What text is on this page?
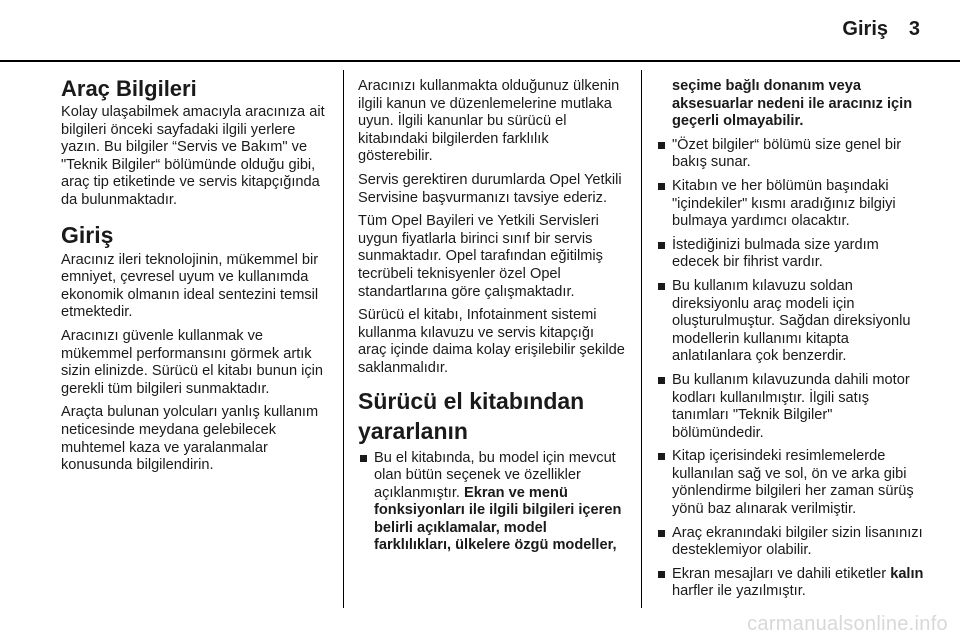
Giriş 3
Araç Bilgileri

Kolay ulaşabilmek amacıyla aracınıza ait bilgileri önceki sayfadaki ilgili yerlere yazın. Bu bilgiler “Servis ve Bakım" ve "Teknik Bilgiler“ bölümünde olduğu gibi, araç tip etiketinde ve servis kitapçığında da bulunmaktadır.

Giriş

Aracınız ileri teknolojinin, mükemmel bir emniyet, çevresel uyum ve kullanımda ekonomik olmanın ideal sentezini temsil etmektedir.

Aracınızı güvenle kullanmak ve mükemmel performansını görmek artık sizin elinizde. Sürücü el kitabı bunun için gerekli tüm bilgileri sunmaktadır.

Araçta bulunan yolcuları yanlış kullanım neticesinde meydana gelebilecek muhtemel kaza ve yaralanmalar konusunda bilgilendirin.

Aracınızı kullanmakta olduğunuz ülkenin ilgili kanun ve düzenlemelerine mutlaka uyun. İlgili kanunlar bu sürücü el kitabındaki bilgilerden farklılık gösterebilir.

Servis gerektiren durumlarda Opel Yetkili Servisine başvurmanızı tavsiye ederiz.

Tüm Opel Bayileri ve Yetkili Servisleri uygun fiyatlarla birinci sınıf bir servis sunmaktadır. Opel tarafından eğitilmiş tecrübeli teknisyenler özel Opel standartlarına göre çalışmaktadır.

Sürücü el kitabı, Infotainment sistemi kullanma kılavuzu ve servis kitapçığı araç içinde daima kolay erişilebilir şekilde saklanmalıdır.

Sürücü el kitabından yararlanın
Bu el kitabında, bu model için mevcut olan bütün seçenek ve özellikler açıklanmıştır. Ekran ve menü fonksiyonları ile ilgili bilgileri içeren belirli açıklamalar, model farklılıkları, ülkelere özgü modeller,
seçime bağlı donanım veya aksesuarlar nedeni ile aracınız için geçerli olmayabilir.
"Özet bilgiler“ bölümü size genel bir bakış sunar.
Kitabın ve her bölümün başındaki "içindekiler" kısmı aradığınız bilgiyi bulmaya yardımcı olacaktır.
İstediğinizi bulmada size yardım edecek bir fihrist vardır.
Bu kullanım kılavuzu soldan direksiyonlu araç modeli için oluşturulmuştur. Sağdan direksiyonlu modellerin kullanımı kitapta anlatılanlara çok benzerdir.
Bu kullanım kılavuzunda dahili motor kodları kullanılmıştır. İlgili satış tanımları "Teknik Bilgiler" bölümündedir.
Kitap içerisindeki resimlemelerde kullanılan sağ ve sol, ön ve arka gibi yönlendirme bilgileri her zaman sürüş yönü baz alınarak verilmiştir.
Araç ekranındaki bilgiler sizin lisanınızı desteklemiyor olabilir.
Ekran mesajları ve dahili etiketler kalın harfler ile yazılmıştır.
carmanualsonline.info
